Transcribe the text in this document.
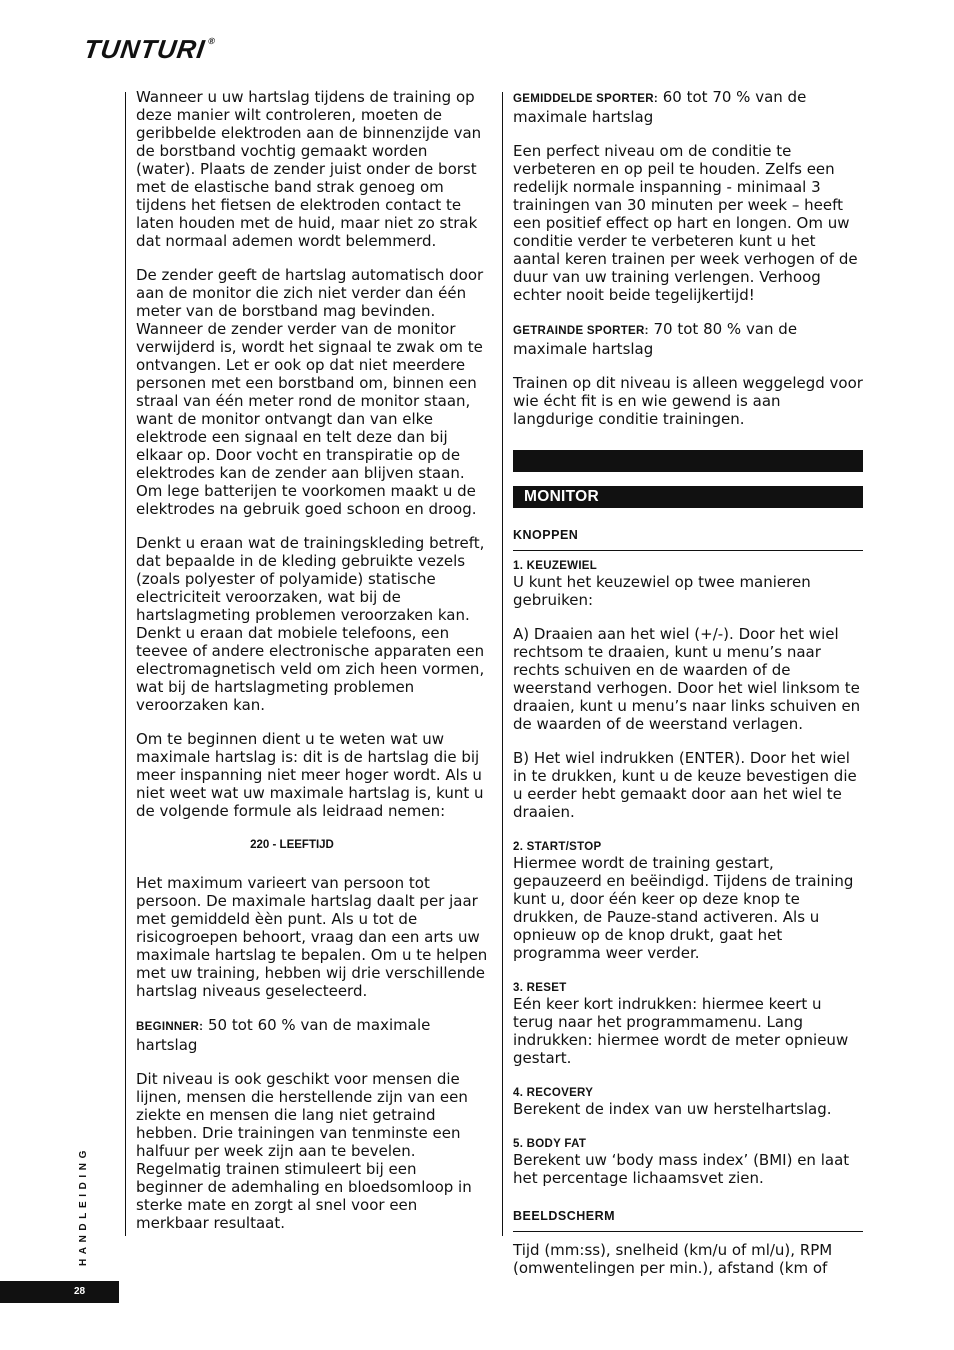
TUNTURI®

Wanneer u uw hartslag tijdens de training op deze manier wilt controleren, moeten de geribbelde elektroden aan de binnenzijde van de borstband vochtig gemaakt worden (water). Plaats de zender juist onder de borst met de elastische band strak genoeg om tijdens het fietsen de elektroden contact te laten houden met de huid, maar niet zo strak dat normaal ademen wordt belemmerd.

De zender geeft de hartslag automatisch door aan de monitor die zich niet verder dan één meter van de borstband mag bevinden. Wanneer de zender verder van de monitor verwijderd is, wordt het signaal te zwak om te ontvangen. Let er ook op dat niet meerdere personen met een borstband om, binnen een straal van één meter rond de monitor staan, want de monitor ontvangt dan van elke elektrode een signaal en telt deze dan bij elkaar op. Door vocht en transpiratie op de elektrodes kan de zender aan blijven staan. Om lege batterijen te voorkomen maakt u de elektrodes na gebruik goed schoon en droog.

Denkt u eraan wat de trainingskleding betreft, dat bepaalde in de kleding gebruikte vezels (zoals polyester of polyamide) statische electriciteit veroorzaken, wat bij de hartslagmeting problemen veroorzaken kan. Denkt u eraan dat mobiele telefoons, een teevee of andere electronische apparaten een electromagnetisch veld om zich heen vormen, wat bij de hartslagmeting problemen veroorzaken kan.

Om te beginnen dient u te weten wat uw maximale hartslag is: dit is de hartslag die bij meer inspanning niet meer hoger wordt. Als u niet weet wat uw maximale hartslag is, kunt u de volgende formule als leidraad nemen:

220 - LEEFTIJD

Het maximum varieert van persoon tot persoon. De maximale hartslag daalt per jaar met gemiddeld èèn punt. Als u tot de risicogroepen behoort, vraag dan een arts uw maximale hartslag te bepalen. Om u te helpen met uw training, hebben wij drie verschillende hartslag niveaus geselecteerd.

BEGINNER: 50 tot 60 % van de maximale hartslag

Dit niveau is ook geschikt voor mensen die lijnen, mensen die herstellende zijn van een ziekte en mensen die lang niet getraind hebben. Drie trainingen van tenminste een halfuur per week zijn aan te bevelen. Regelmatig trainen stimuleert bij een beginner de ademhaling en bloedsomloop in sterke mate en zorgt al snel voor een merkbaar resultaat.

GEMIDDELDE SPORTER: 60 tot 70 % van de maximale hartslag

Een perfect niveau om de conditie te verbeteren en op peil te houden. Zelfs een redelijk normale inspanning - minimaal 3 trainingen van 30 minuten per week – heeft een positief effect op hart en longen. Om uw conditie verder te verbeteren kunt u het aantal keren trainen per week verhogen of de duur van uw training verlengen. Verhoog echter nooit beide tegelijkertijd!

GETRAINDE SPORTER: 70 tot 80 % van de maximale hartslag

Trainen op dit niveau is alleen weggelegd voor wie écht fit is en wie gewend is aan langdurige conditie trainingen.

MONITOR
KNOPPEN
1. KEUZEWIEL
U kunt het keuzewiel op twee manieren gebruiken:
A) Draaien aan het wiel (+/-). Door het wiel rechtsom te draaien, kunt u menu’s naar rechts schuiven en de waarden of de weerstand verhogen. Door het wiel linksom te draaien, kunt u menu’s naar links schuiven en de waarden of de weerstand verlagen.
B) Het wiel indrukken (ENTER). Door het wiel in te drukken, kunt u de keuze bevestigen die u eerder hebt gemaakt door aan het wiel te draaien.
2. START/STOP
Hiermee wordt de training gestart, gepauzeerd en beëindigd. Tijdens de training kunt u, door één keer op deze knop te drukken, de Pauze-stand activeren. Als u opnieuw op de knop drukt, gaat het programma weer verder.
3. RESET
Eén keer kort indrukken: hiermee keert u terug naar het programmamenu. Lang indrukken: hiermee wordt de meter opnieuw gestart.
4. RECOVERY
Berekent de index van uw herstelhartslag.
5. BODY FAT
Berekent uw ‘body mass index’ (BMI) en laat het percentage lichaamsvet zien.
BEELDSCHERM

Tijd (mm:ss), snelheid (km/u of ml/u), RPM (omwentelingen per min.), afstand (km of

HANDLEIDING
28
